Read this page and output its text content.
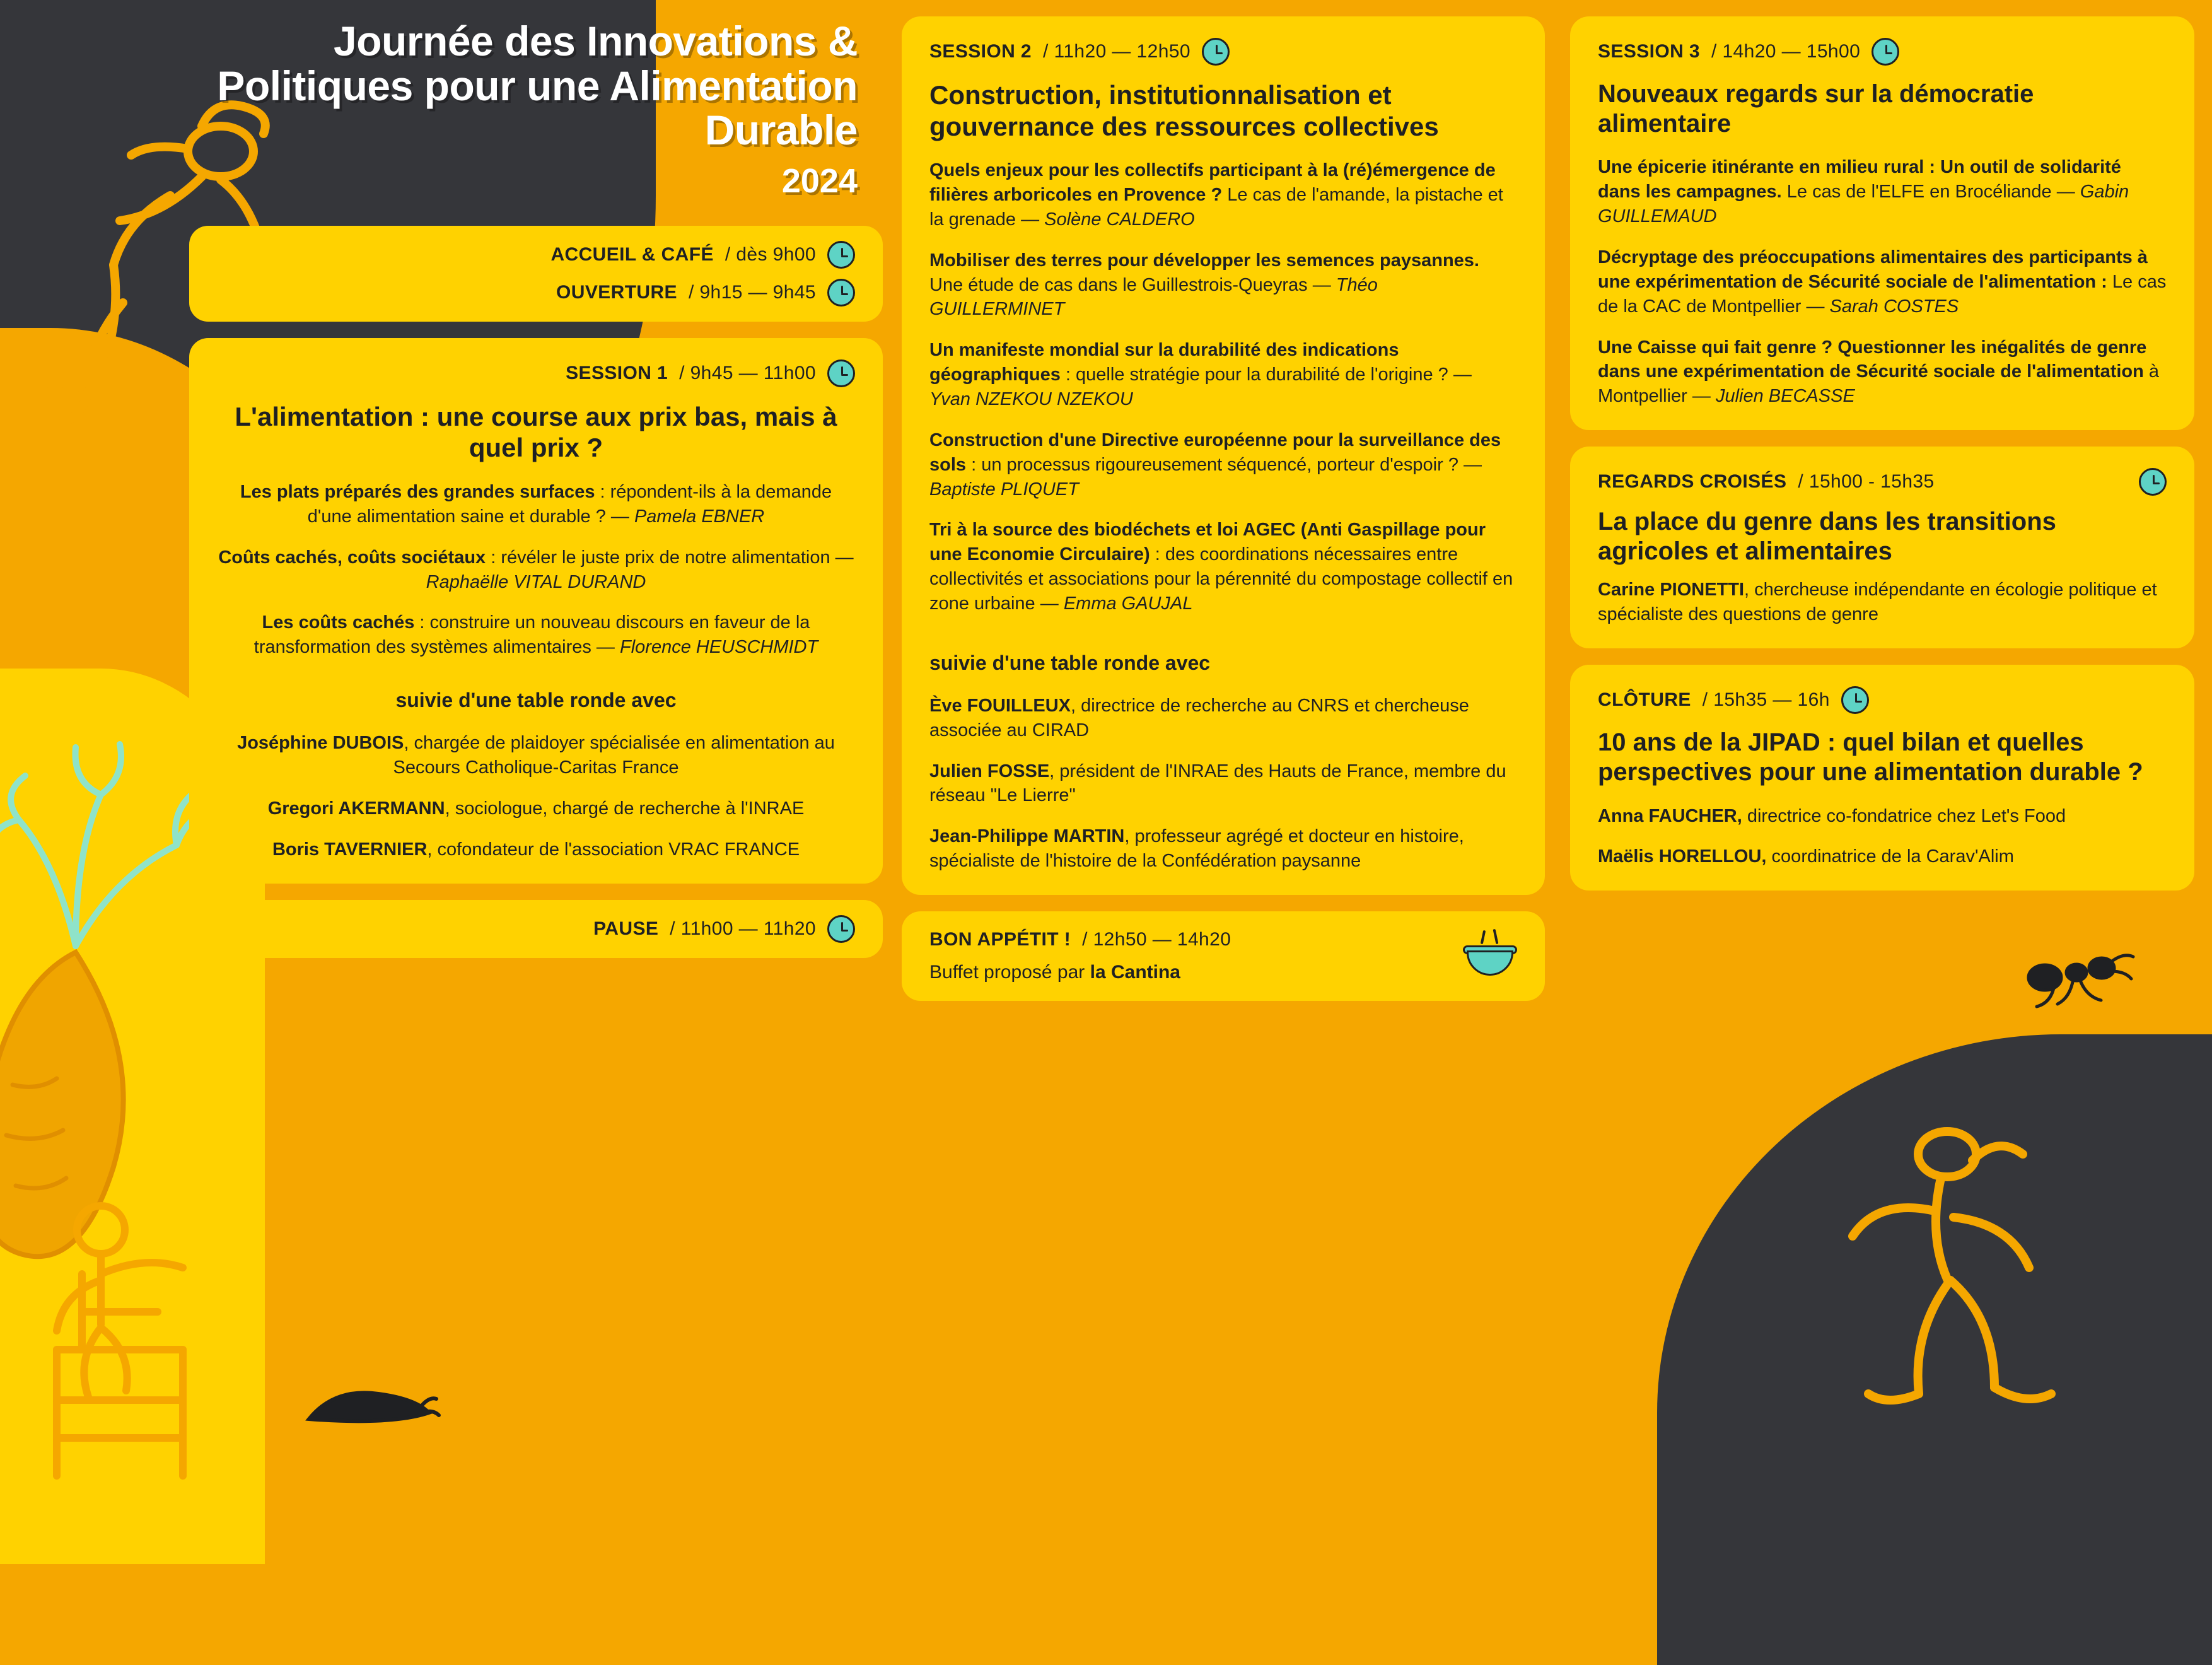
Journée des Innovations & Politiques pour une Alimentation Durable
2024
ACCUEIL & CAFÉ / dès 9h00
OUVERTURE / 9h15 — 9h45
SESSION 1 / 9h45 — 11h00
L'alimentation : une course aux prix bas, mais à quel prix ?
Les plats préparés des grandes surfaces : répondent-ils à la demande d'une alimentation saine et durable ? — Pamela EBNER
Coûts cachés, coûts sociétaux : révéler le juste prix de notre alimentation — Raphaëlle VITAL DURAND
Les coûts cachés : construire un nouveau discours en faveur de la transformation des systèmes alimentaires — Florence HEUSCHMIDT
suivie d'une table ronde avec
Joséphine DUBOIS, chargée de plaidoyer spécialisée en alimentation au Secours Catholique-Caritas France
Gregori AKERMANN, sociologue, chargé de recherche à l'INRAE
Boris TAVERNIER, cofondateur de l'association VRAC FRANCE
PAUSE / 11h00 — 11h20
SESSION 2 / 11h20 — 12h50
Construction, institutionnalisation et gouvernance des ressources collectives
Quels enjeux pour les collectifs participant à la (ré)émergence de filières arboricoles en Provence ? Le cas de l'amande, la pistache et la grenade — Solène CALDERO
Mobiliser des terres pour développer les semences paysannes. Une étude de cas dans le Guillestrois-Queyras — Théo GUILLERMINET
Un manifeste mondial sur la durabilité des indications géographiques : quelle stratégie pour la durabilité de l'origine ? — Yvan NZEKOU NZEKOU
Construction d'une Directive européenne pour la surveillance des sols : un processus rigoureusement séquencé, porteur d'espoir ? — Baptiste PLIQUET
Tri à la source des biodéchets et loi AGEC (Anti Gaspillage pour une Economie Circulaire) : des coordinations nécessaires entre collectivités et associations pour la pérennité du compostage collectif en zone urbaine — Emma GAUJAL
suivie d'une table ronde avec
Ève FOUILLEUX, directrice de recherche au CNRS et chercheuse associée au CIRAD
Julien FOSSE, président de l'INRAE des Hauts de France, membre du réseau "Le Lierre"
Jean-Philippe MARTIN, professeur agrégé et docteur en histoire, spécialiste de l'histoire de la Confédération paysanne
BON APPÉTIT ! / 12h50 — 14h20
Buffet proposé par la Cantina
SESSION 3 / 14h20 — 15h00
Nouveaux regards sur la démocratie alimentaire
Une épicerie itinérante en milieu rural : Un outil de solidarité dans les campagnes. Le cas de l'ELFE en Brocéliande — Gabin GUILLEMAUD
Décryptage des préoccupations alimentaires des participants à une expérimentation de Sécurité sociale de l'alimentation : Le cas de la CAC de Montpellier — Sarah COSTES
Une Caisse qui fait genre ? Questionner les inégalités de genre dans une expérimentation de Sécurité sociale de l'alimentation à Montpellier — Julien BECASSE
REGARDS CROISÉS / 15h00 - 15h35
La place du genre dans les transitions agricoles et alimentaires
Carine PIONETTI, chercheuse indépendante en écologie politique et spécialiste des questions de genre
CLÔTURE / 15h35 — 16h
10 ans de la JIPAD : quel bilan et quelles perspectives pour une alimentation durable ?
Anna FAUCHER, directrice co-fondatrice chez Let's Food
Maëlis HORELLOU, coordinatrice de la Carav'Alim
